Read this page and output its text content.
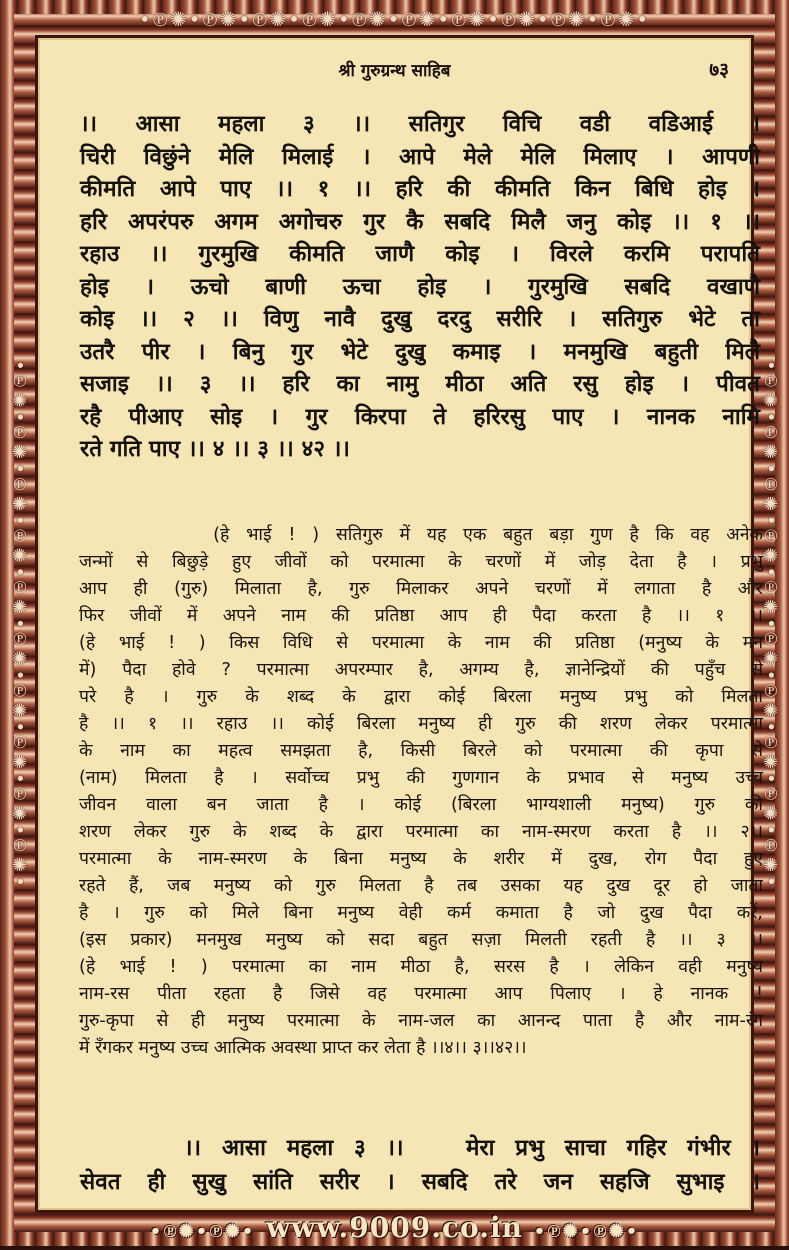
•℗✺•℗✺•℗✺•℗✺•℗✺•℗✺•℗✺•℗✺•℗✺•℗✺•
•℗✺•℗✺•℗✺•℗✺•℗✺•℗✺•℗✺•℗✺•℗✺•℗✺•	•℗✺•℗✺•℗✺•℗✺•℗✺•℗✺•℗✺•℗✺•℗✺•℗✺•
श्री गुरुग्रन्थ साहिब	७३
।। आसा महला ३ ।। सतिगुर विचि वडी वडिआई ।
चिरी विछुंने मेलि मिलाई । आपे मेले मेलि मिलाए । आपणी
कीमति आपे पाए ।। १ ।। हरि की कीमति किन बिधि होइ ।
हरि अपरंपरु अगम अगोचरु गुर कै सबदि मिलै जनु कोइ ।। १ ।।
रहाउ ।। गुरमुखि कीमति जाणै कोइ । विरले करमि परापति
होइ । ऊचो बाणी ऊचा होइ । गुरमुखि सबदि वखाणै
कोइ ।। २ ।। विणु नावै दुखु दरदु सरीरि । सतिगुरु भेटे ता
उतरै पीर । बिनु गुर भेटे दुखु कमाइ । मनमुखि बहुती मिलै
सजाइ ।। ३ ।। हरि का नामु मीठा अति रसु होइ । पीवत
रहै पीआए सोइ । गुर किरपा ते हरिरसु पाए । नानक नामि
रते गति पाए ।। ४ ।। ३ ।। ४२ ।।
(हे भाई ! ) सतिगुरु में यह एक बहुत बड़ा गुण है कि वह अनेक
जन्मों से बिछुड़े हुए जीवों को परमात्मा के चरणों में जोड़ देता है । प्रभु
आप ही (गुरु) मिलाता है, गुरु मिलाकर अपने चरणों में लगाता है और
फिर जीवों में अपने नाम की प्रतिष्ठा आप ही पैदा करता है ।। १ ।।
(हे भाई ! ) किस विधि से परमात्मा के नाम की प्रतिष्ठा (मनुष्य के मन
में) पैदा होवे ? परमात्मा अपरम्पार है, अगम्य है, ज्ञानेन्द्रियों की पहुँच से
परे है । गुरु के शब्द के द्वारा कोई बिरला मनुष्य प्रभु को मिलता
है ।। १ ।। रहाउ ।। कोई बिरला मनुष्य ही गुरु की शरण लेकर परमात्मा
के नाम का महत्व समझता है, किसी बिरले को परमात्मा की कृपा से
(नाम) मिलता है । सर्वोच्च प्रभु की गुणगान के प्रभाव से मनुष्य उच्च
जीवन वाला बन जाता है । कोई (बिरला भाग्यशाली मनुष्य) गुरु की
शरण लेकर गुरु के शब्द के द्वारा परमात्मा का नाम-स्मरण करता है ।। २।।
परमात्मा के नाम-स्मरण के बिना मनुष्य के शरीर में दुख, रोग पैदा हुए
रहते हैं, जब मनुष्य को गुरु मिलता है तब उसका यह दुख दूर हो जाता
है । गुरु को मिले बिना मनुष्य वेही कर्म कमाता है जो दुख पैदा करें,
(इस प्रकार) मनमुख मनुष्य को सदा बहुत सज़ा मिलती रहती है ।। ३ ।।
(हे भाई ! ) परमात्मा का नाम मीठा है, सरस है । लेकिन वही मनुष्य
नाम-रस पीता रहता है जिसे वह परमात्मा आप पिलाए । हे नानक !
गुरु-कृपा से ही मनुष्य परमात्मा के नाम-जल का आनन्द पाता है और नाम-रंग
में रँगकर मनुष्य उच्च आत्मिक अवस्था प्राप्त कर लेता है ।।४।। ३।।४२।।
।। आसा महला ३ ।।   मेरा प्रभु साचा गहिर गंभीर ।
सेवत ही सुखु सांति सरीर । सबदि तरे जन सहजि सुभाइ ।
•℗✺•℗✺• www.9009.co.in •℗✺•℗✺•
